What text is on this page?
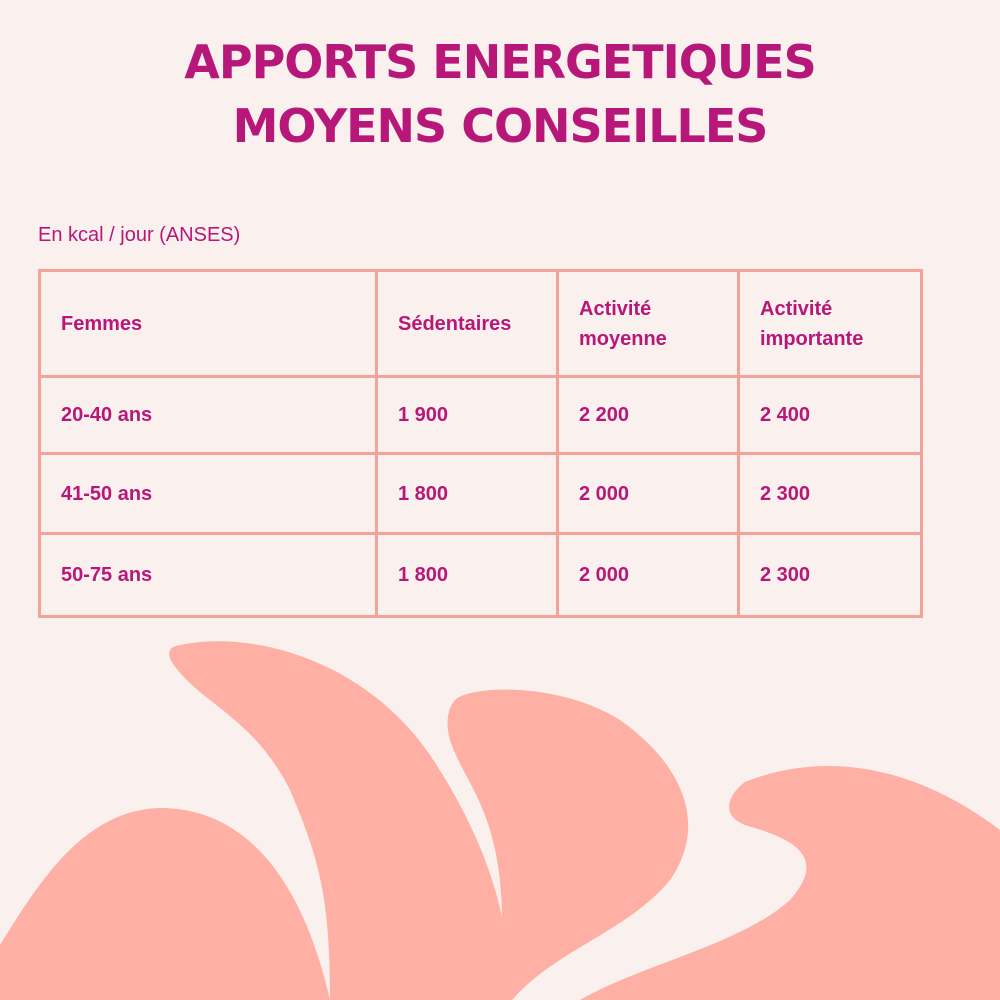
APPORTS ENERGETIQUES
MOYENS CONSEILLES

En kcal / jour (ANSES)

Femmes	Sédentaires	Activité moyenne	Activité importante
20-40 ans	1 900	2 200	2 400
41-50 ans	1 800	2 000	2 300
50-75 ans	1 800	2 000	2 300
